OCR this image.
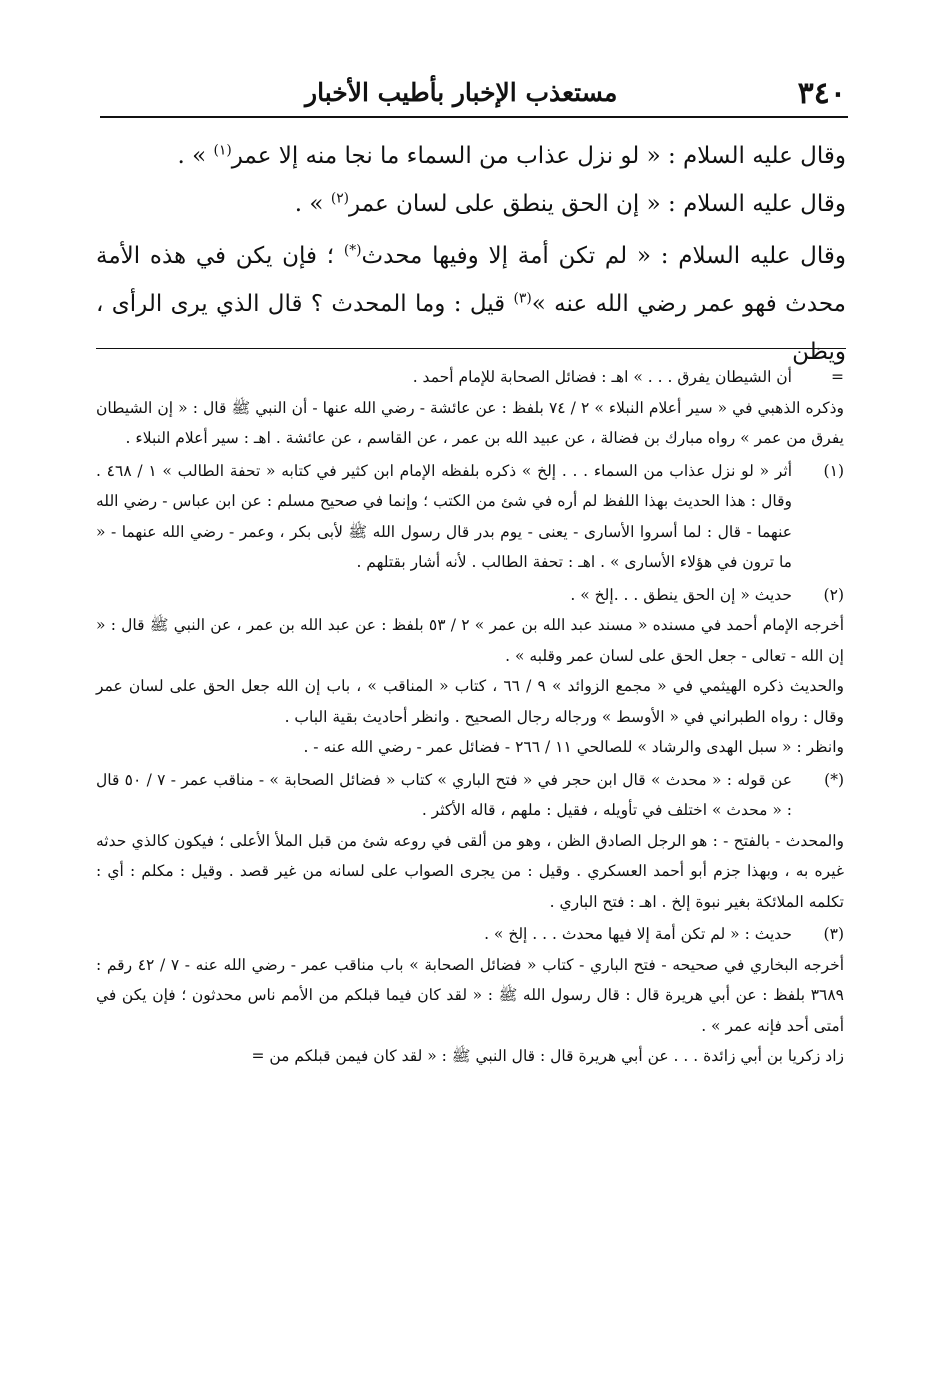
٣٤٠
مستعذب الإخبار بأطيب الأخبار

وقال عليه السلام : « لو نزل عذاب من السماء ما نجا منه إلا عمر$^{(١)}$ » .

وقال عليه السلام : « إن الحق ينطق على لسان عمر$^{(٢)}$ » .

وقال عليه السلام : « لم تكن أمة إلا وفيها محدث(*) ؛ فإن يكن في هذه الأمة محدث فهو عمر رضي الله عنه »$^{(٣)}$ قيل : وما المحدث ؟ قال الذي يرى الرأى ، ويظن

=

أن الشيطان يفرق . . . » اهـ : فضائل الصحابة للإمام أحمد .

وذكره الذهبي في « سير أعلام النبلاء » ٢ / ٧٤ بلفظ : عن عائشة - رضي الله عنها - أن النبي ﷺ قال : « إن الشيطان يفرق من عمر » رواه مبارك بن فضالة ، عن عبيد الله بن عمر ، عن القاسم ، عن عائشة . اهـ : سير أعلام النبلاء .

(١)

أثر « لو نزل عذاب من السماء . . . إلخ » ذكره بلفظه الإمام ابن كثير في كتابه « تحفة الطالب » ١ / ٤٦٨ . وقال : هذا الحديث بهذا اللفظ لم أره في شئ من الكتب ؛ وإنما في صحيح مسلم : عن ابن عباس - رضي الله عنهما - قال : لما أسروا الأسارى - يعنى - يوم بدر قال رسول الله ﷺ لأبى بكر ، وعمر - رضي الله عنهما - « ما ترون في هؤلاء الأسارى » . اهـ : تحفة الطالب . لأنه أشار بقتلهم .

(٢)

حديث « إن الحق ينطق . . .إلخ » .

أخرجه الإمام أحمد في مسنده « مسند عبد الله بن عمر » ٢ / ٥٣ بلفظ : عن عبد الله بن عمر ، عن النبي ﷺ قال : « إن الله - تعالى - جعل الحق على لسان عمر وقلبه » .

والحديث ذكره الهيثمي في « مجمع الزوائد » ٩ / ٦٦ ، كتاب « المناقب » ، باب إن الله جعل الحق على لسان عمر وقال : رواه الطبراني في « الأوسط » ورجاله رجال الصحيح . وانظر أحاديث بقية الباب .

وانظر : « سبل الهدى والرشاد » للصالحي ١١ / ٢٦٦ - فضائل عمر - رضي الله عنه - .

(*)

عن قوله : « محدث » قال ابن حجر في « فتح الباري » كتاب « فضائل الصحابة » - مناقب عمر - ٧ / ٥٠ قال : « محدث » اختلف في تأويله ، فقيل : ملهم ، قاله الأكثر .

والمحدث - بالفتح - : هو الرجل الصادق الظن ، وهو من ألقى في روعه شئ من قبل الملأ الأعلى ؛ فيكون كالذي حدثه غيره به ، وبهذا جزم أبو أحمد العسكري . وقيل : من يجرى الصواب على لسانه من غير قصد . وقيل : مكلم : أي : تكلمه الملائكة بغير نبوة إلخ . اهـ : فتح الباري .

(٣)

حديث : « لم تكن أمة إلا فيها محدث . . . إلخ » .

أخرجه البخاري في صحيحه - فتح الباري - كتاب « فضائل الصحابة » باب مناقب عمر - رضي الله عنه - ٧ / ٤٢ رقم : ٣٦٨٩ بلفظ : عن أبي هريرة قال : قال رسول الله ﷺ : « لقد كان فيما قبلكم من الأمم ناس محدثون ؛ فإن يكن في أمتى أحد فإنه عمر » .

زاد زكريا بن أبي زائدة . . . عن أبي هريرة قال : قال النبي ﷺ : « لقد كان فيمن قبلكم من =
